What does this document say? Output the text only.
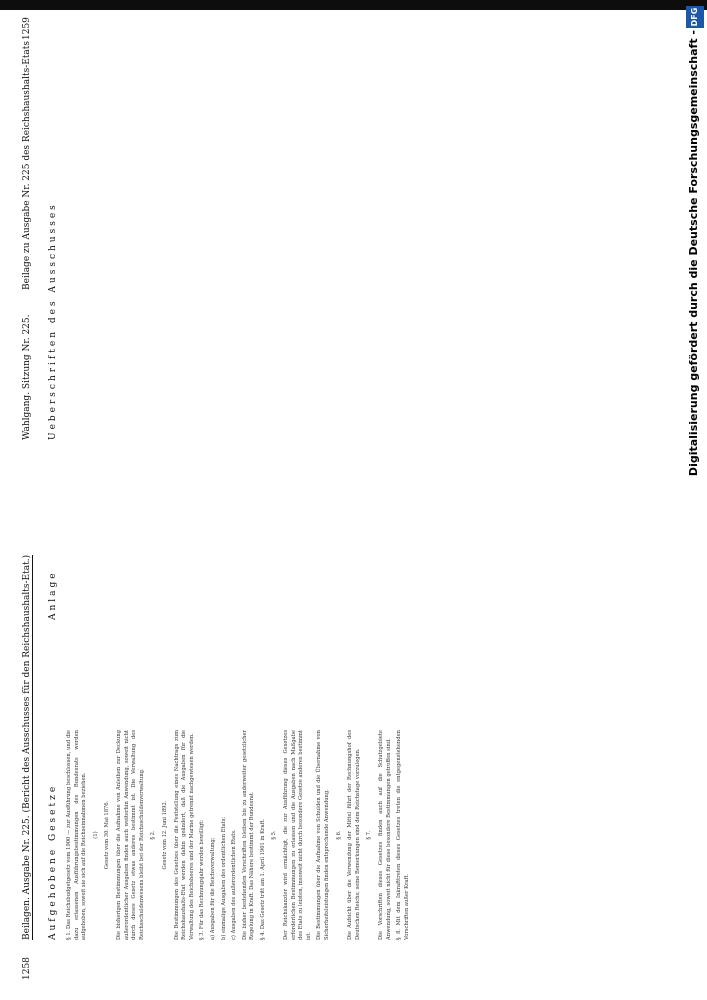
1258
Beilagen. Ausgabe Nr. 225. (Bericht des Ausschusses für den Reichshaushalts-Etat.)
Wahlgang. Sitzung Nr. 225.
Beilage zu Ausgabe Nr. 225 des Reichshaushalts-Etats
1259
Aufgehobene Gesetze
Anlage
Ueberschriften des Ausschusses

§ 1. Das Reichsbudgetgesetz vom 1900 — zur Ausführung beschlossen, und die dazu erlassenen Ausführungsbestimmungen des Bundesrats werden aufgehoben, soweit sie sich auf die Reichseinnahmen beziehen.	(1)	Gesetz vom 30. Mai 1876.	Die bisherigen Bestimmungen über die Aufnahme von Anleihen zur Deckung außerordentlicher Ausgaben finden auch weiterhin Anwendung, soweit nicht durch dieses Gesetz etwas anderes bestimmt ist. Die Verwaltung des Reichsschuldenwesens bleibt bei der Reichsschuldenverwaltung.	§ 2.	Gesetz vom 12. Juni 1892.	Die Bestimmungen des Gesetzes über die Feststellung eines Nachtrags zum Reichshaushalts-Etat werden dahin geändert, daß die Ausgaben für die Verwaltung des Reichsheeres und der Marine getrennt nachgewiesen werden. § 3. Für das Rechnungsjahr werden bewilligt: a) Ausgaben für die Reichsverwaltung; b) einmalige Ausgaben des ordentlichen Etats; c) Ausgaben des außerordentlichen Etats. Die bisher bestehenden Vorschriften bleiben bis zu anderweiter gesetzlicher Regelung in Kraft. Das Nähere bestimmt der Bundesrat. § 4. Das Gesetz tritt am 1. April 1901 in Kraft.	§ 5.	Der Reichskanzler wird ermächtigt, die zur Ausführung dieses Gesetzes erforderlichen Bestimmungen zu erlassen und die Ausgaben nach Maßgabe des Etats zu leisten, insoweit nicht durch besondere Gesetze anderes bestimmt ist. Die Bestimmungen über die Aufnahme von Schulden und die Übernahme von Sicherheitsleistungen finden entsprechende Anwendung.	§ 6.	Die Aufsicht über die Verwendung der Mittel führt der Rechnungshof des Deutschen Reichs; seine Bemerkungen sind dem Reichstage vorzulegen.	§ 7.	Die Vorschriften dieses Gesetzes finden auch auf die Schutzgebiete Anwendung, soweit nicht für diese besondere Bestimmungen getroffen sind. § 8. Mit dem Inkrafttreten dieses Gesetzes treten die entgegenstehenden Vorschriften außer Kraft.

DFG
Digitalisierung gefördert durch die Deutsche Forschungsgemeinschaft -
